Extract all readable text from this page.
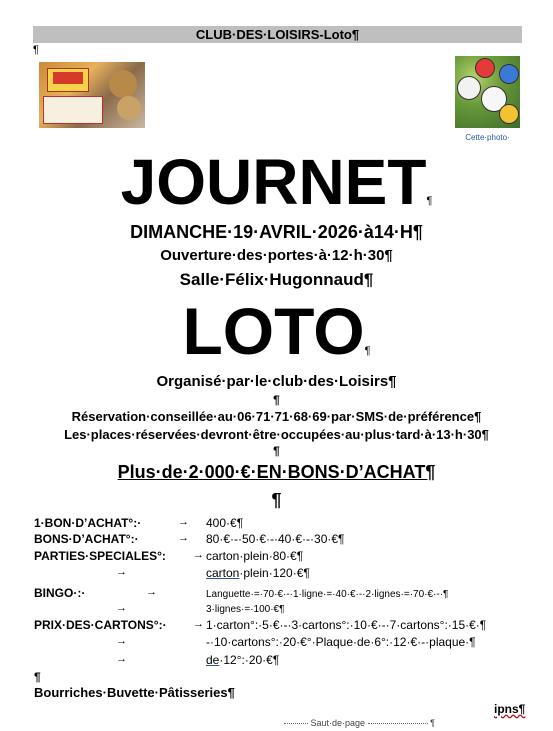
CLUB·DES·LOISIRS-Loto¶
¶
Cette·photo·
JOURNET¶
DIMANCHE·19·AVRIL·2026·à14·H¶
Ouverture·des·portes·à·12·h·30¶
Salle·Félix·Hugonnaud¶
LOTO¶
Organisé·par·le·club·des·Loisirs¶
¶
Réservation·conseillée·au·06·71·71·68·69·par·SMS·de·préférence¶
Les·places·réservées·devront·être·occupées·au·plus·tard·à·13·h·30¶
¶
Plus·de·2·000·€·EN·BONS·D’ACHAT¶
¶
1·BON·D’ACHAT°:·	→ 400·€¶
BONS·D’ACHAT°:·	→ 80·€·-·50·€·-·40·€·-·30·€¶
PARTIES·SPECIALES°: → carton·plein·80·€¶
→	carton·plein·120·€¶
BINGO·:·	→	Languette·=·70·€·-·1·ligne·=·40·€·-·2·lignes·=·70·€·-·¶
→	3·lignes·=·100·€¶
PRIX·DES·CARTONS°:· → 1·carton°:·5·€·-·3·cartons°:·10·€·-·7·cartons°:·15·€·¶
→	-·10·cartons°:·20·€°·Plaque·de·6°:·12·€·-·plaque·¶
→	de·12°:·20·€¶
¶
Bourriches·Buvette·Pâtisseries¶
ipns¶
Saut·de·page	¶
